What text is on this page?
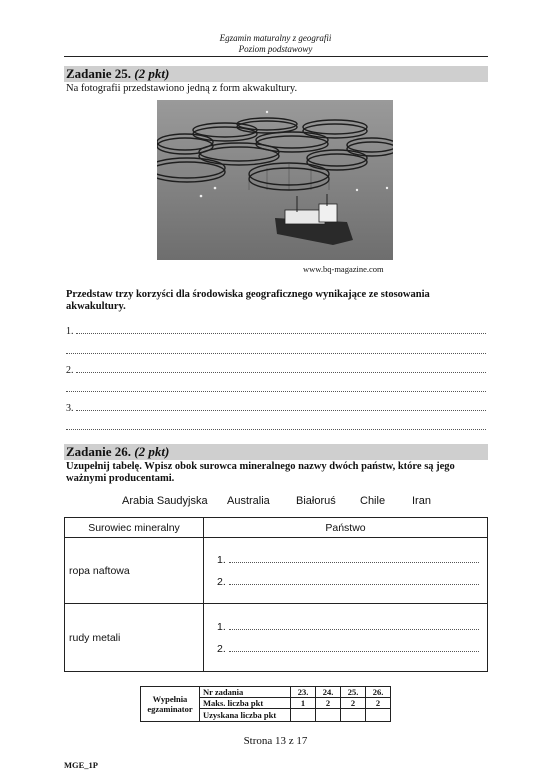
Egzamin maturalny z geografii
Poziom podstawowy
Zadanie 25. (2 pkt)
Na fotografii przedstawiono jedną z form akwakultury.
www.bq-magazine.com
Przedstaw trzy korzyści dla środowiska geograficznego wynikające ze stosowania
akwakultury.
1.
2.
3.
Zadanie 26. (2 pkt)
Uzupełnij tabelę. Wpisz obok surowca mineralnego nazwy dwóch państw, które są jego
ważnymi producentami.
Arabia Saudyjska Australia Białoruś Chile Iran
Surowiec mineralny	Państwo
ropa naftowa	1.
2.

rudy metali	1.
2.
Wypełnia
egzaminator	Nr zadania	23.	24.	25.	26.
	Maks. liczba pkt	1	2	2	2
	Uzyskana liczba pkt				
Strona 13 z 17
MGE_1P
